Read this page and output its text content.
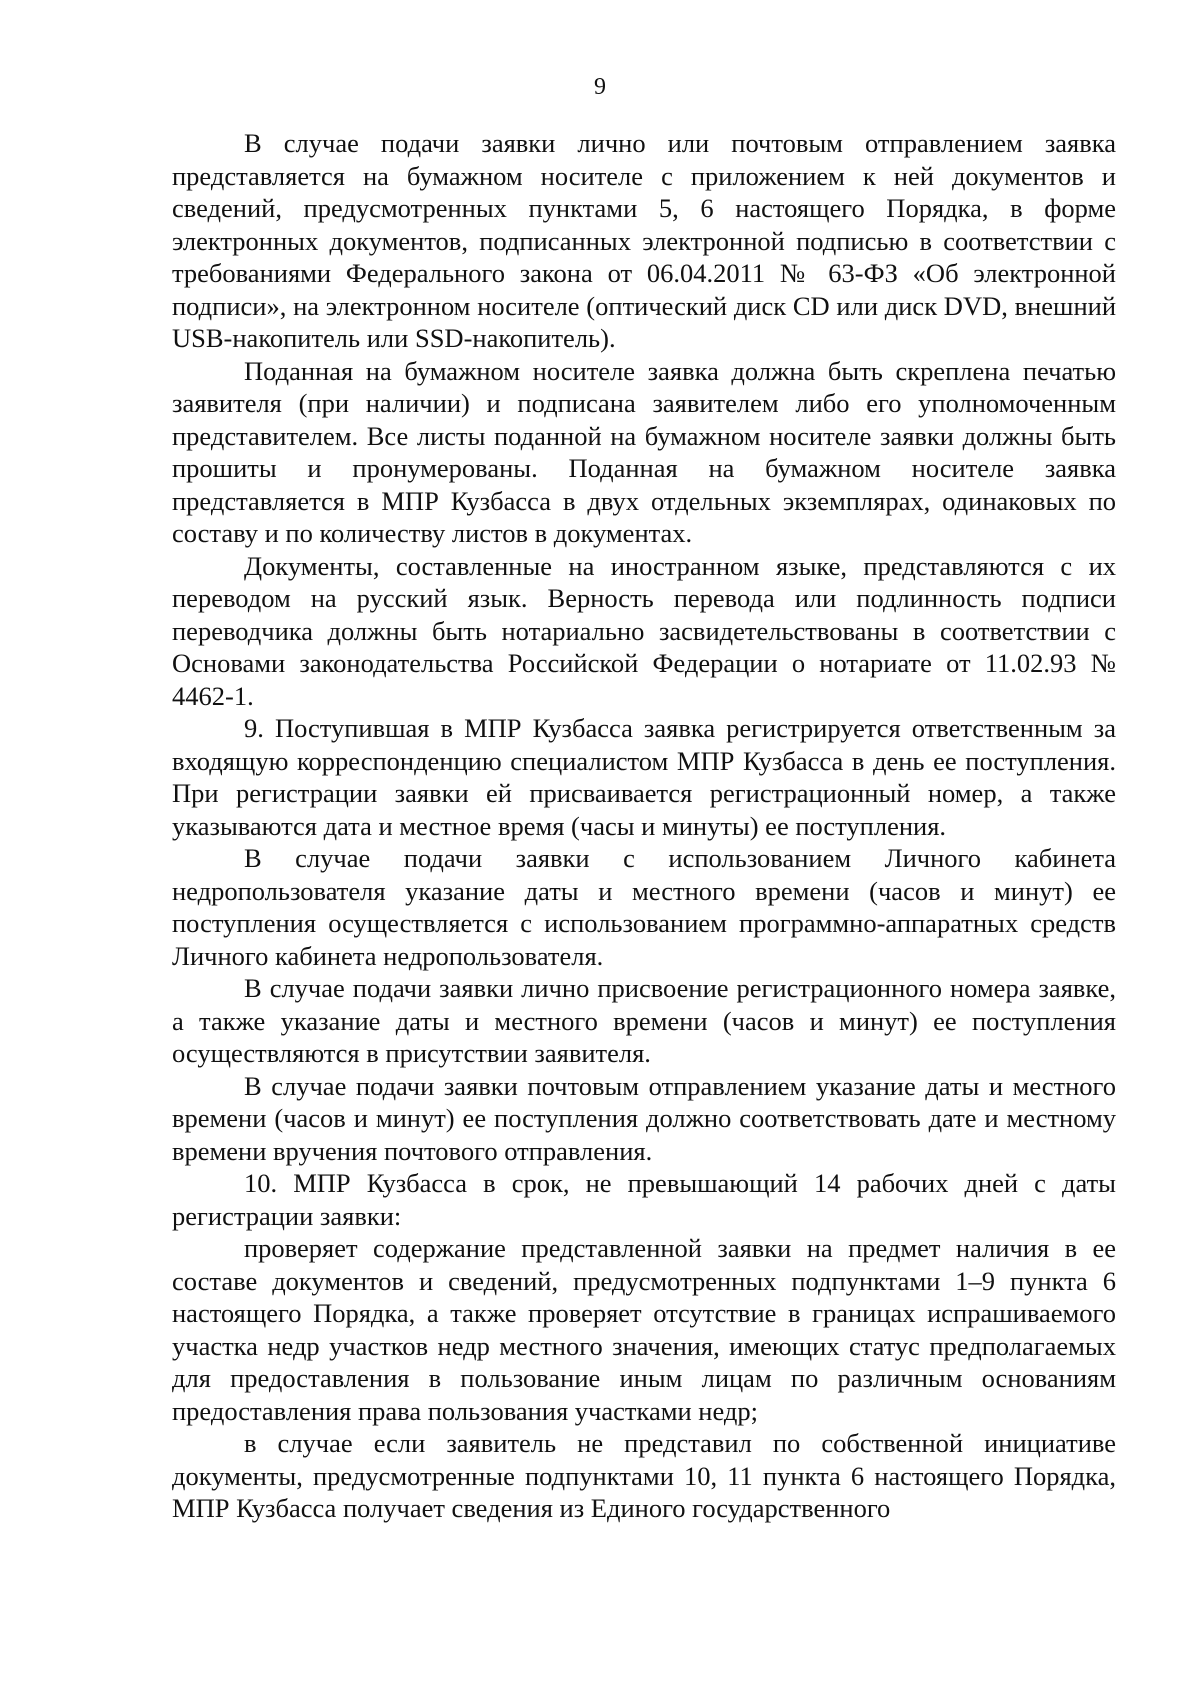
9

В случае подачи заявки лично или почтовым отправлением заявка представляется на бумажном носителе с приложением к ней документов и сведений, предусмотренных пунктами 5, 6 настоящего Порядка, в форме электронных документов, подписанных электронной подписью в соответствии с требованиями Федерального закона от 06.04.2011 № 63-ФЗ «Об электронной подписи», на электронном носителе (оптический диск CD или диск DVD, внешний USB-накопитель или SSD-накопитель).

Поданная на бумажном носителе заявка должна быть скреплена печатью заявителя (при наличии) и подписана заявителем либо его уполномоченным представителем. Все листы поданной на бумажном носителе заявки должны быть прошиты и пронумерованы. Поданная на бумажном носителе заявка представляется в МПР Кузбасса в двух отдельных экземплярах, одинаковых по составу и по количеству листов в документах.

Документы, составленные на иностранном языке, представляются с их переводом на русский язык. Верность перевода или подлинность подписи переводчика должны быть нотариально засвидетельствованы в соответствии с Основами законодательства Российской Федерации о нотариате от 11.02.93 № 4462-1.

9. Поступившая в МПР Кузбасса заявка регистрируется ответственным за входящую корреспонденцию специалистом МПР Кузбасса в день ее поступления. При регистрации заявки ей присваивается регистрационный номер, а также указываются дата и местное время (часы и минуты) ее поступления.

В случае подачи заявки с использованием Личного кабинета недропользователя указание даты и местного времени (часов и минут) ее поступления осуществляется с использованием программно-аппаратных средств Личного кабинета недропользователя.

В случае подачи заявки лично присвоение регистрационного номера заявке, а также указание даты и местного времени (часов и минут) ее поступления осуществляются в присутствии заявителя.

В случае подачи заявки почтовым отправлением указание даты и местного времени (часов и минут) ее поступления должно соответствовать дате и местному времени вручения почтового отправления.

10. МПР Кузбасса в срок, не превышающий 14 рабочих дней с даты регистрации заявки:

проверяет содержание представленной заявки на предмет наличия в ее составе документов и сведений, предусмотренных подпунктами 1–9 пункта 6 настоящего Порядка, а также проверяет отсутствие в границах испрашиваемого участка недр участков недр местного значения, имеющих статус предполагаемых для предоставления в пользование иным лицам по различным основаниям предоставления права пользования участками недр;

в случае если заявитель не представил по собственной инициативе документы, предусмотренные подпунктами 10, 11 пункта 6 настоящего Порядка, МПР Кузбасса получает сведения из Единого государственного
